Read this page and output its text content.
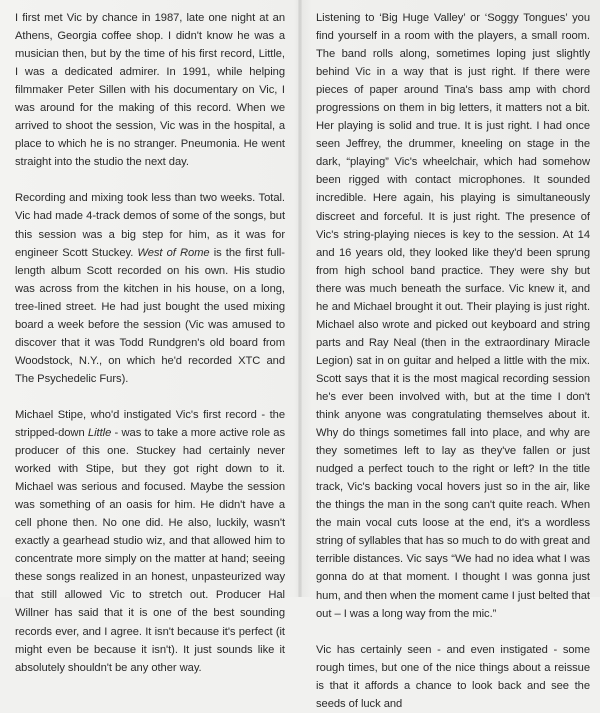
I first met Vic by chance in 1987, late one night at an Athens, Georgia coffee shop. I didn't know he was a musician then, but by the time of his first record, Little, I was a dedicated admirer. In 1991, while helping filmmaker Peter Sillen with his documentary on Vic, I was around for the making of this record. When we arrived to shoot the session, Vic was in the hospital, a place to which he is no stranger. Pneumonia. He went straight into the studio the next day.

Recording and mixing took less than two weeks. Total. Vic had made 4-track demos of some of the songs, but this session was a big step for him, as it was for engineer Scott Stuckey. West of Rome is the first full-length album Scott recorded on his own. His studio was across from the kitchen in his house, on a long, tree-lined street. He had just bought the used mixing board a week before the session (Vic was amused to discover that it was Todd Rundgren's old board from Woodstock, N.Y., on which he'd recorded XTC and The Psychedelic Furs).

Michael Stipe, who'd instigated Vic's first record - the stripped-down Little - was to take a more active role as producer of this one. Stuckey had certainly never worked with Stipe, but they got right down to it. Michael was serious and focused. Maybe the session was something of an oasis for him. He didn't have a cell phone then. No one did. He also, luckily, wasn't exactly a gearhead studio wiz, and that allowed him to concentrate more simply on the matter at hand; seeing these songs realized in an honest, unpasteurized way that still allowed Vic to stretch out. Producer Hal Willner has said that it is one of the best sounding records ever, and I agree. It isn't because it's perfect (it might even be because it isn't). It just sounds like it absolutely shouldn't be any other way.

Listening to ‘Big Huge Valley’ or ‘Soggy Tongues’ you find yourself in a room with the players, a small room. The band rolls along, sometimes loping just slightly behind Vic in a way that is just right. If there were pieces of paper around Tina's bass amp with chord progressions on them in big letters, it matters not a bit. Her playing is solid and true. It is just right. I had once seen Jeffrey, the drummer, kneeling on stage in the dark, “playing” Vic's wheelchair, which had somehow been rigged with contact microphones. It sounded incredible. Here again, his playing is simultaneously discreet and forceful. It is just right. The presence of Vic's string-playing nieces is key to the session. At 14 and 16 years old, they looked like they'd been sprung from high school band practice. They were shy but there was much beneath the surface. Vic knew it, and he and Michael brought it out. Their playing is just right. Michael also wrote and picked out keyboard and string parts and Ray Neal (then in the extraordinary Miracle Legion) sat in on guitar and helped a little with the mix. Scott says that it is the most magical recording session he's ever been involved with, but at the time I don't think anyone was congratulating themselves about it. Why do things sometimes fall into place, and why are they sometimes left to lay as they've fallen or just nudged a perfect touch to the right or left? In the title track, Vic's backing vocal hovers just so in the air, like the things the man in the song can't quite reach. When the main vocal cuts loose at the end, it's a wordless string of syllables that has so much to do with great and terrible distances. Vic says “We had no idea what I was gonna do at that moment. I thought I was gonna just hum, and then when the moment came I just belted that out – I was a long way from the mic.”

Vic has certainly seen - and even instigated - some rough times, but one of the nice things about a reissue is that it affords a chance to look back and see the seeds of luck and
